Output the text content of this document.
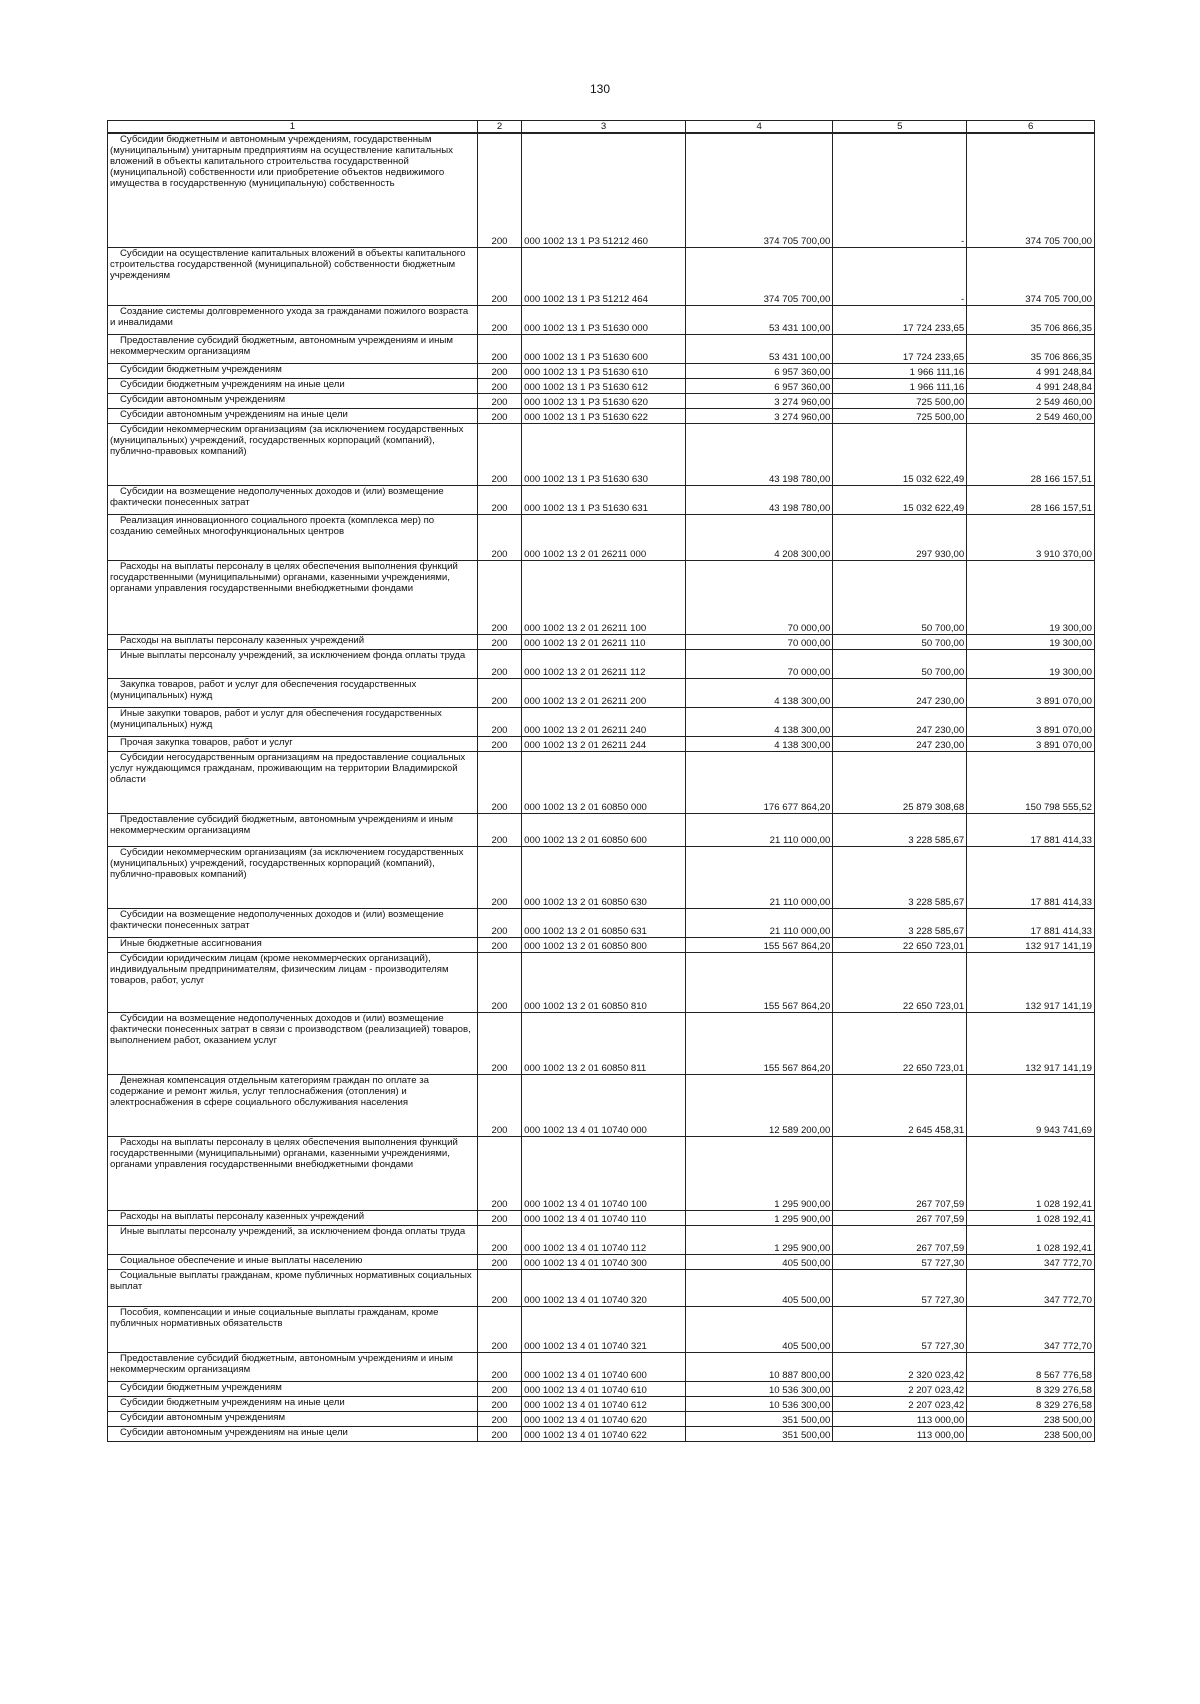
130
1	2	3	4	5	6

Субсидии бюджетным и автономным учреждениям, государственным (муниципальным) унитарным предприятиям на осуществление капитальных вложений в объекты капитального строительства государственной (муниципальной) собственности или приобретение объектов недвижимого имущества в государственную (муниципальную) собственность	200	000 1002 13 1 Р3 51212 460	374 705 700,00	-	374 705 700,00

Субсидии на осуществление капитальных вложений в объекты капитального строительства государственной (муниципальной) собственности бюджетным учреждениям	200	000 1002 13 1 Р3 51212 464	374 705 700,00	-	374 705 700,00

Создание системы долговременного ухода за гражданами пожилого возраста и инвалидами	200	000 1002 13 1 Р3 51630 000	53 431 100,00	17 724 233,65	35 706 866,35

Предоставление субсидий бюджетным, автономным учреждениям и иным некоммерческим организациям	200	000 1002 13 1 Р3 51630 600	53 431 100,00	17 724 233,65	35 706 866,35

Субсидии бюджетным учреждениям	200	000 1002 13 1 Р3 51630 610	6 957 360,00	1 966 111,16	4 991 248,84

Субсидии бюджетным учреждениям на иные цели	200	000 1002 13 1 Р3 51630 612	6 957 360,00	1 966 111,16	4 991 248,84

Субсидии автономным учреждениям	200	000 1002 13 1 Р3 51630 620	3 274 960,00	725 500,00	2 549 460,00

Субсидии автономным учреждениям на иные цели	200	000 1002 13 1 Р3 51630 622	3 274 960,00	725 500,00	2 549 460,00

Субсидии некоммерческим организациям (за исключением государственных (муниципальных) учреждений, государственных корпораций (компаний), публично-правовых компаний)	200	000 1002 13 1 Р3 51630 630	43 198 780,00	15 032 622,49	28 166 157,51

Субсидии на возмещение недополученных доходов и (или) возмещение фактически понесенных затрат	200	000 1002 13 1 Р3 51630 631	43 198 780,00	15 032 622,49	28 166 157,51

Реализация инновационного социального проекта (комплекса мер) по созданию семейных многофункциональных центров	200	000 1002 13 2 01 26211 000	4 208 300,00	297 930,00	3 910 370,00

Расходы на выплаты персоналу в целях обеспечения выполнения функций государственными (муниципальными) органами, казенными учреждениями, органами управления государственными внебюджетными фондами	200	000 1002 13 2 01 26211 100	70 000,00	50 700,00	19 300,00

Расходы на выплаты персоналу казенных учреждений	200	000 1002 13 2 01 26211 110	70 000,00	50 700,00	19 300,00

Иные выплаты персоналу учреждений, за исключением фонда оплаты труда	200	000 1002 13 2 01 26211 112	70 000,00	50 700,00	19 300,00

Закупка товаров, работ и услуг для обеспечения государственных (муниципальных) нужд	200	000 1002 13 2 01 26211 200	4 138 300,00	247 230,00	3 891 070,00

Иные закупки товаров, работ и услуг для обеспечения государственных (муниципальных) нужд	200	000 1002 13 2 01 26211 240	4 138 300,00	247 230,00	3 891 070,00

Прочая закупка товаров, работ и услуг	200	000 1002 13 2 01 26211 244	4 138 300,00	247 230,00	3 891 070,00

Субсидии негосударственным организациям на предоставление социальных услуг нуждающимся гражданам, проживающим на территории Владимирской области	200	000 1002 13 2 01 60850 000	176 677 864,20	25 879 308,68	150 798 555,52

Предоставление субсидий бюджетным, автономным учреждениям и иным некоммерческим организациям	200	000 1002 13 2 01 60850 600	21 110 000,00	3 228 585,67	17 881 414,33

Субсидии некоммерческим организациям (за исключением государственных (муниципальных) учреждений, государственных корпораций (компаний), публично-правовых компаний)	200	000 1002 13 2 01 60850 630	21 110 000,00	3 228 585,67	17 881 414,33

Субсидии на возмещение недополученных доходов и (или) возмещение фактически понесенных затрат	200	000 1002 13 2 01 60850 631	21 110 000,00	3 228 585,67	17 881 414,33

Иные бюджетные ассигнования	200	000 1002 13 2 01 60850 800	155 567 864,20	22 650 723,01	132 917 141,19

Субсидии юридическим лицам (кроме некоммерческих организаций), индивидуальным предпринимателям, физическим лицам - производителям товаров, работ, услуг	200	000 1002 13 2 01 60850 810	155 567 864,20	22 650 723,01	132 917 141,19

Субсидии на возмещение недополученных доходов и (или) возмещение фактически понесенных затрат в связи с производством (реализацией) товаров, выполнением работ, оказанием услуг	200	000 1002 13 2 01 60850 811	155 567 864,20	22 650 723,01	132 917 141,19

Денежная компенсация отдельным категориям граждан по оплате за содержание и ремонт жилья, услуг теплоснабжения (отопления) и электроснабжения в сфере социального обслуживания населения	200	000 1002 13 4 01 10740 000	12 589 200,00	2 645 458,31	9 943 741,69

Расходы на выплаты персоналу в целях обеспечения выполнения функций государственными (муниципальными) органами, казенными учреждениями, органами управления государственными внебюджетными фондами	200	000 1002 13 4 01 10740 100	1 295 900,00	267 707,59	1 028 192,41

Расходы на выплаты персоналу казенных учреждений	200	000 1002 13 4 01 10740 110	1 295 900,00	267 707,59	1 028 192,41

Иные выплаты персоналу учреждений, за исключением фонда оплаты труда	200	000 1002 13 4 01 10740 112	1 295 900,00	267 707,59	1 028 192,41

Социальное обеспечение и иные выплаты населению	200	000 1002 13 4 01 10740 300	405 500,00	57 727,30	347 772,70

Социальные выплаты гражданам, кроме публичных нормативных социальных выплат	200	000 1002 13 4 01 10740 320	405 500,00	57 727,30	347 772,70

Пособия, компенсации и иные социальные выплаты гражданам, кроме публичных нормативных обязательств	200	000 1002 13 4 01 10740 321	405 500,00	57 727,30	347 772,70

Предоставление субсидий бюджетным, автономным учреждениям и иным некоммерческим организациям	200	000 1002 13 4 01 10740 600	10 887 800,00	2 320 023,42	8 567 776,58

Субсидии бюджетным учреждениям	200	000 1002 13 4 01 10740 610	10 536 300,00	2 207 023,42	8 329 276,58

Субсидии бюджетным учреждениям на иные цели	200	000 1002 13 4 01 10740 612	10 536 300,00	2 207 023,42	8 329 276,58

Субсидии автономным учреждениям	200	000 1002 13 4 01 10740 620	351 500,00	113 000,00	238 500,00

Субсидии автономным учреждениям на иные цели	200	000 1002 13 4 01 10740 622	351 500,00	113 000,00	238 500,00
